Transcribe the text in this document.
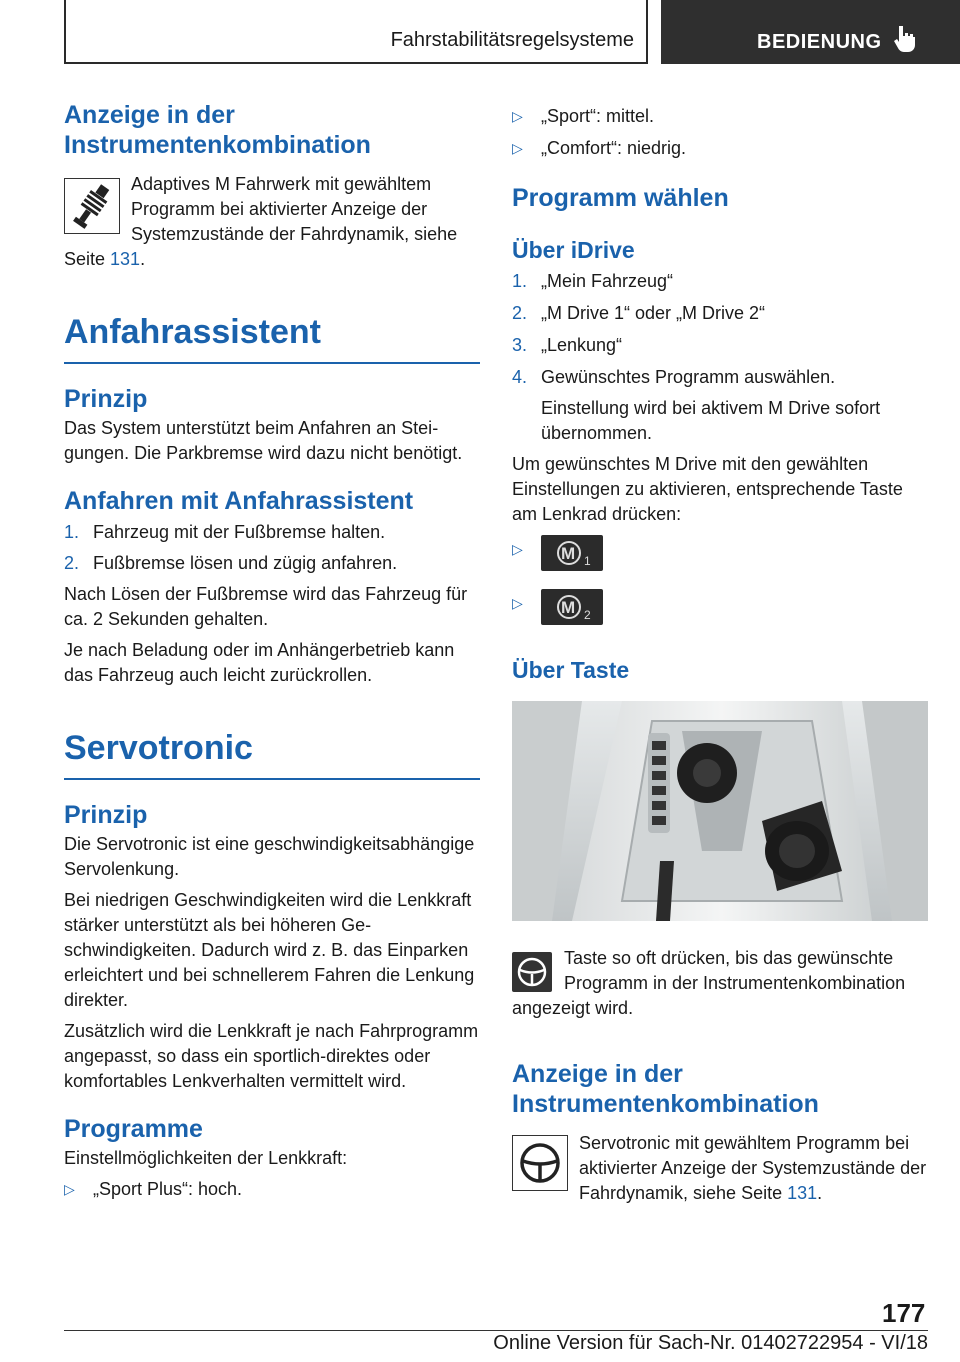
Fahrstabilitätsregelsysteme	BEDIENUNG
Anzeige in der Instrumentenkombination

Adaptives M Fahrwerk mit gewähltem Programm bei aktivierter Anzeige der Systemzustände der Fahrdynamik, siehe Seite 131.

Anfahrassistent
Prinzip

Das System unterstützt beim Anfahren an Steigungen. Die Parkbremse wird dazu nicht benötigt.

Anfahren mit Anfahrassistent
1. Fahrzeug mit der Fußbremse halten.
2. Fußbremse lösen und zügig anfahren.

Nach Lösen der Fußbremse wird das Fahrzeug für ca. 2 Sekunden gehalten.

Je nach Beladung oder im Anhängerbetrieb kann das Fahrzeug auch leicht zurückrollen.

Servotronic
Prinzip

Die Servotronic ist eine geschwindigkeitsabhängige Servolenkung.

Bei niedrigen Geschwindigkeiten wird die Lenkkraft stärker unterstützt als bei höheren Geschwindigkeiten. Dadurch wird z. B. das Einparken erleichtert und bei schnellerem Fahren die Lenkung direkter.

Zusätzlich wird die Lenkkraft je nach Fahrprogramm angepasst, so dass ein sportlich-direktes oder komfortables Lenkverhalten vermittelt wird.

Programme

Einstellmöglichkeiten der Lenkkraft:

▷	„Sport Plus“: hoch.
▷	„Sport“: mittel.
▷	„Comfort“: niedrig.
Programm wählen
Über iDrive
1. „Mein Fahrzeug“
2. „M Drive 1“ oder „M Drive 2“
3. „Lenkung“
4. Gewünschtes Programm auswählen.

Einstellung wird bei aktivem M Drive sofort übernommen.

Um gewünschtes M Drive mit den gewählten Einstellungen zu aktivieren, entsprechende Taste am Lenkrad drücken:

▷	M 1
▷	M 2
Über Taste

Taste so oft drücken, bis das gewünschte Programm in der Instrumentenkombination angezeigt wird.

Anzeige in der Instrumentenkombination

Servotronic mit gewähltem Programm bei aktivierter Anzeige der Systemzustände der Fahrdynamik, siehe Seite 131.

177
Online Version für Sach-Nr. 01402722954 - VI/18
